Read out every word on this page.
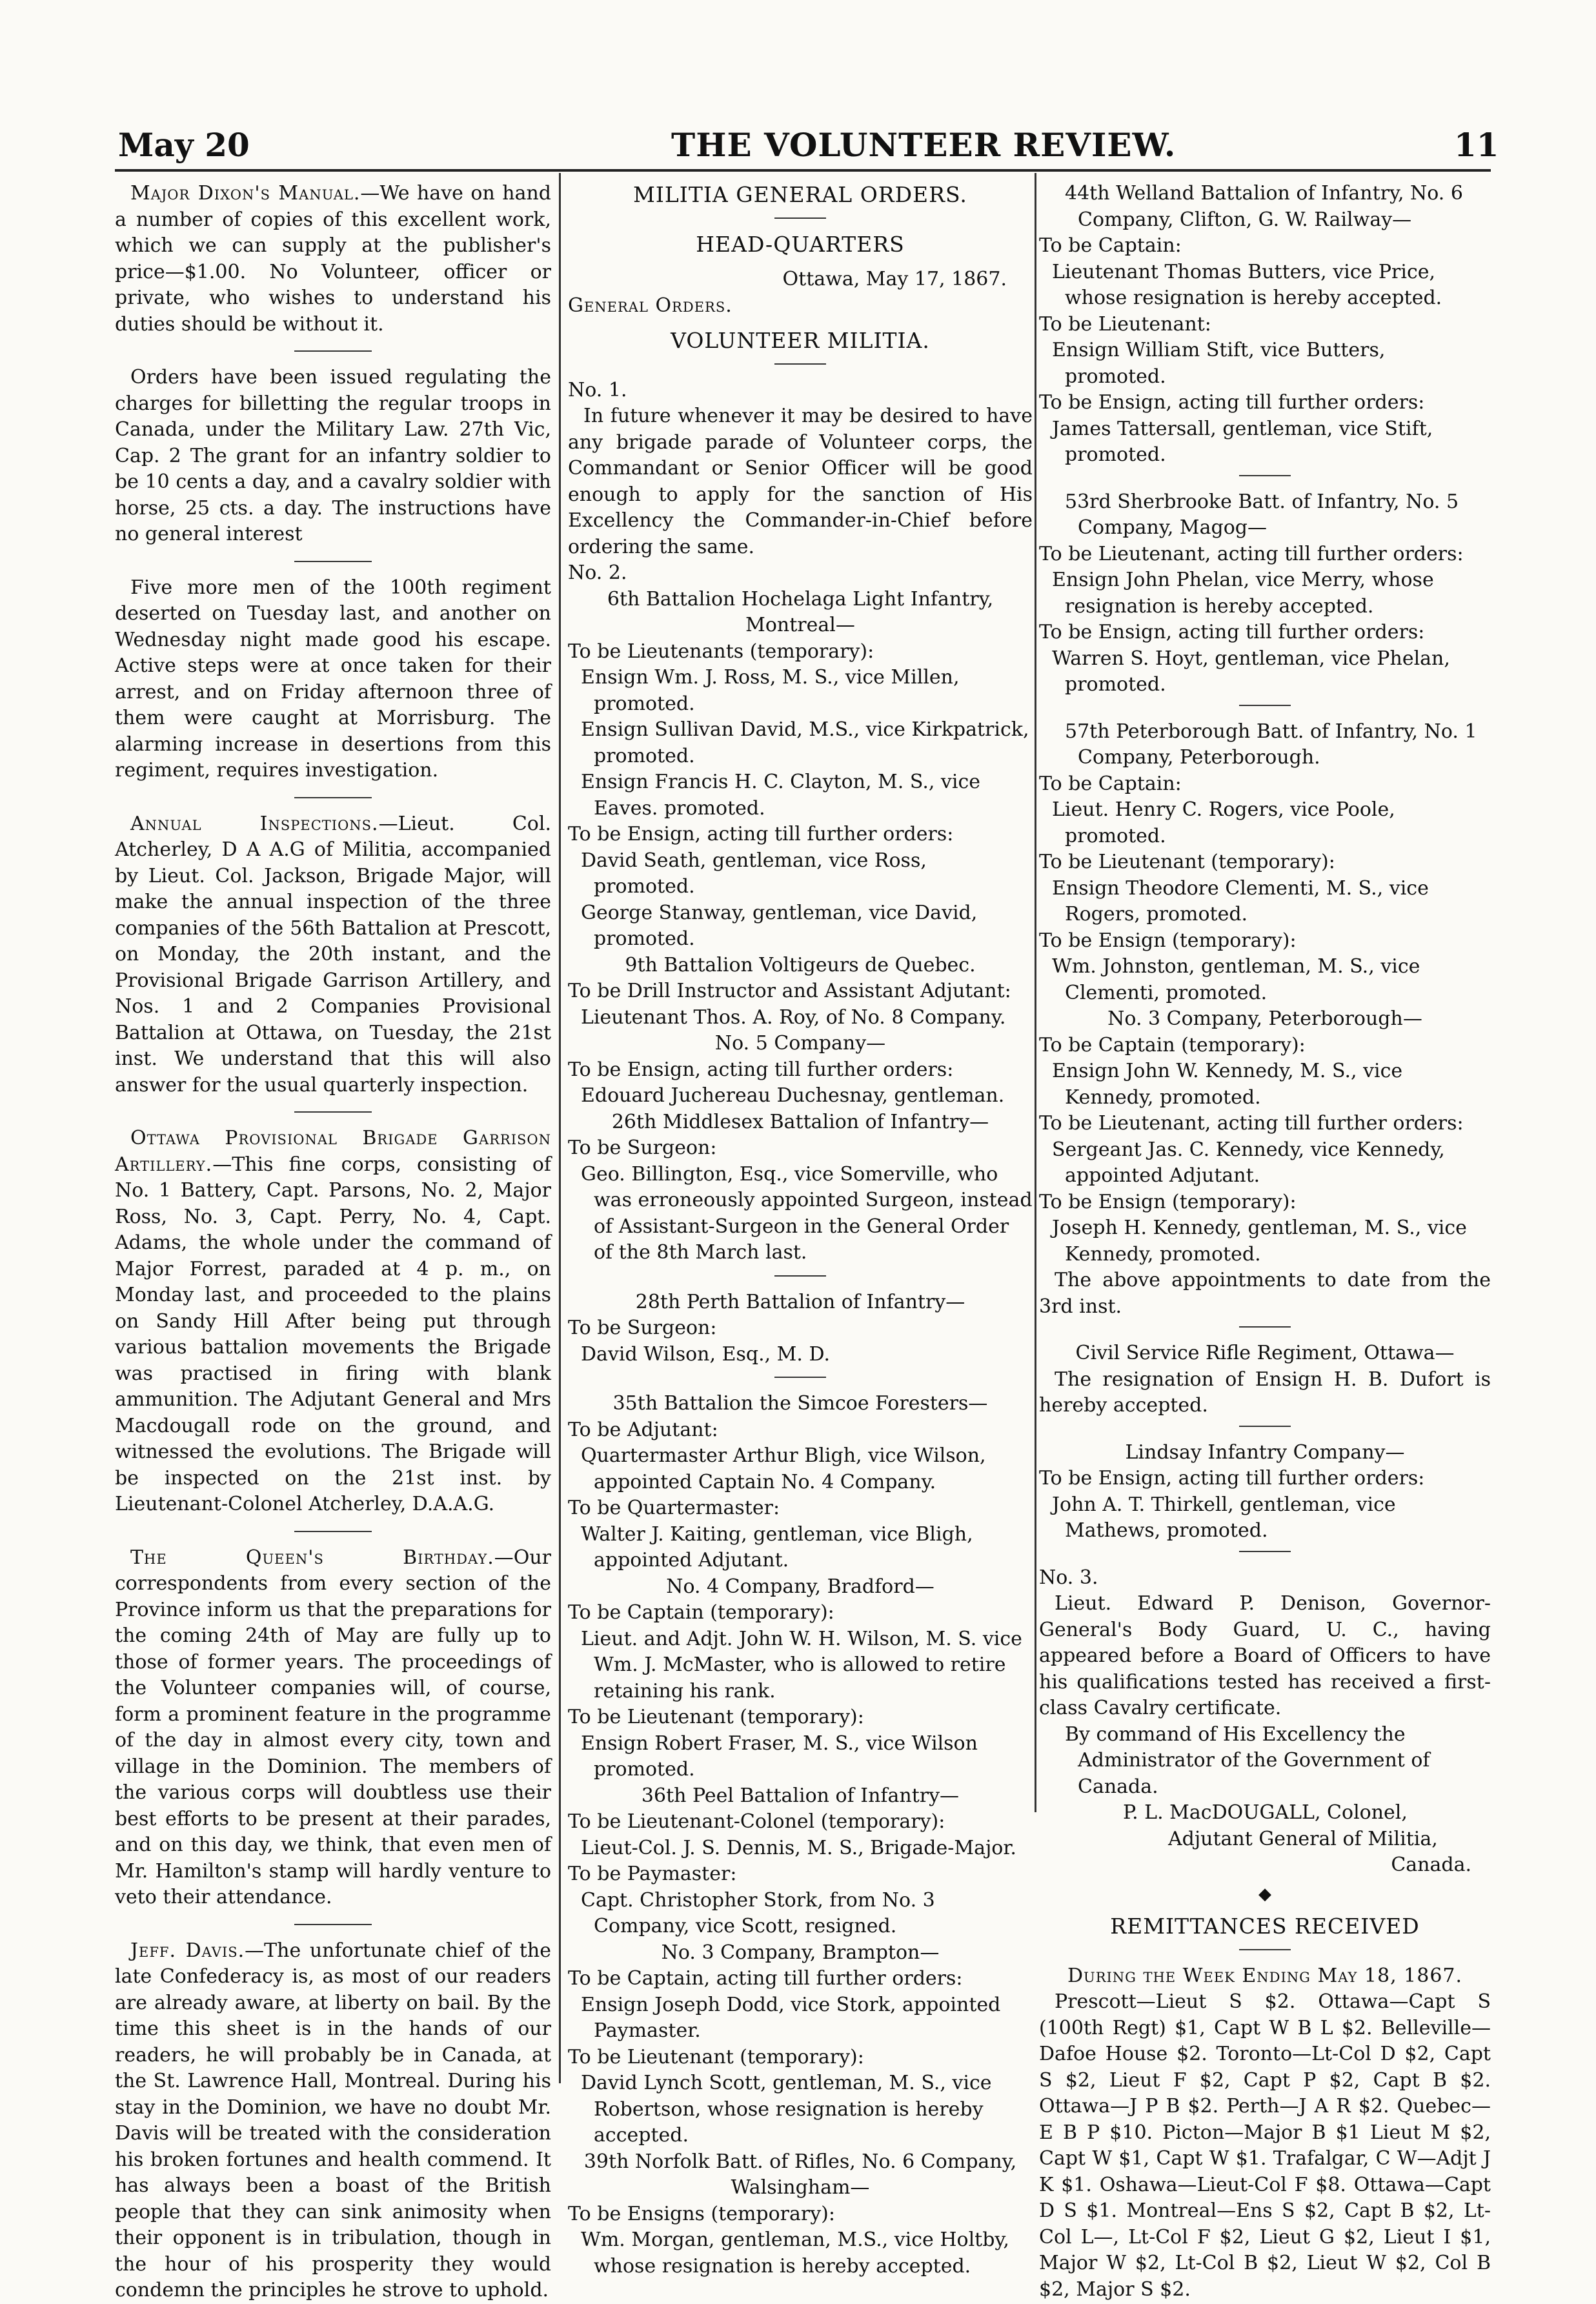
May 20	THE VOLUNTEER REVIEW.	11

Major Dixon's Manual.—We have on hand a number of copies of this excellent work, which we can supply at the publisher's price—$1.00. No Volunteer, officer or private, who wishes to understand his duties should be without it.

Orders have been issued regulating the charges for billetting the regular troops in Canada, under the Military Law. 27th Vic, Cap. 2 The grant for an infantry soldier to be 10 cents a day, and a cavalry soldier with horse, 25 cts. a day. The instructions have no general interest

Five more men of the 100th regiment deserted on Tuesday last, and another on Wednesday night made good his escape. Active steps were at once taken for their arrest, and on Friday afternoon three of them were caught at Morrisburg. The alarming increase in desertions from this regiment, requires investigation.

Annual Inspections.—Lieut. Col. Atcherley, D A A.G of Militia, accompanied by Lieut. Col. Jackson, Brigade Major, will make the annual inspection of the three companies of the 56th Battalion at Prescott, on Monday, the 20th instant, and the Provisional Brigade Garrison Artillery, and Nos. 1 and 2 Companies Provisional Battalion at Ottawa, on Tuesday, the 21st inst. We understand that this will also answer for the usual quarterly inspection.

Ottawa Provisional Brigade Garrison Artillery.—This fine corps, consisting of No. 1 Battery, Capt. Parsons, No. 2, Major Ross, No. 3, Capt. Perry, No. 4, Capt. Adams, the whole under the command of Major Forrest, paraded at 4 p. m., on Monday last, and proceeded to the plains on Sandy Hill After being put through various battalion movements the Brigade was practised in firing with blank ammunition. The Adjutant General and Mrs Macdougall rode on the ground, and witnessed the evolutions. The Brigade will be inspected on the 21st inst. by Lieutenant-Colonel Atcherley, D.A.A.G.

The Queen's Birthday.—Our correspondents from every section of the Province inform us that the preparations for the coming 24th of May are fully up to those of former years. The proceedings of the Volunteer companies will, of course, form a prominent feature in the programme of the day in almost every city, town and village in the Dominion. The members of the various corps will doubtless use their best efforts to be present at their parades, and on this day, we think, that even men of Mr. Hamilton's stamp will hardly venture to veto their attendance.

Jeff. Davis.—The unfortunate chief of the late Confederacy is, as most of our readers are already aware, at liberty on bail. By the time this sheet is in the hands of our readers, he will probably be in Canada, at the St. Lawrence Hall, Montreal. During his stay in the Dominion, we have no doubt Mr. Davis will be treated with the consideration his broken fortunes and health commend. It has always been a boast of the British people that they can sink animosity when their opponent is in tribulation, though in the hour of his prosperity they would condemn the principles he strove to uphold.

MILITIA GENERAL ORDERS.

HEAD-QUARTERS

Ottawa, May 17, 1867.

General Orders.

VOLUNTEER MILITIA.

No. 1.

In future whenever it may be desired to have any brigade parade of Volunteer corps, the Commandant or Senior Officer will be good enough to apply for the sanction of His Excellency the Commander-in-Chief before ordering the same.

No. 2.

6th Battalion Hochelaga Light Infantry,

Montreal—

To be Lieutenants (temporary):

Ensign Wm. J. Ross, M. S., vice Millen, promoted.

Ensign Sullivan David, M.S., vice Kirkpatrick, promoted.

Ensign Francis H. C. Clayton, M. S., vice Eaves. promoted.

To be Ensign, acting till further orders:

David Seath, gentleman, vice Ross, promoted.

George Stanway, gentleman, vice David, promoted.

9th Battalion Voltigeurs de Quebec.

To be Drill Instructor and Assistant Adjutant:

Lieutenant Thos. A. Roy, of No. 8 Company.

No. 5 Company—

To be Ensign, acting till further orders:

Edouard Juchereau Duchesnay, gentleman.

26th Middlesex Battalion of Infantry—

To be Surgeon:

Geo. Billington, Esq., vice Somerville, who was erroneously appointed Surgeon, instead of Assistant-Surgeon in the General Order of the 8th March last.

28th Perth Battalion of Infantry—

To be Surgeon:

David Wilson, Esq., M. D.

35th Battalion the Simcoe Foresters—

To be Adjutant:

Quartermaster Arthur Bligh, vice Wilson, appointed Captain No. 4 Company.

To be Quartermaster:

Walter J. Kaiting, gentleman, vice Bligh, appointed Adjutant.

No. 4 Company, Bradford—

To be Captain (temporary):

Lieut. and Adjt. John W. H. Wilson, M. S. vice Wm. J. McMaster, who is allowed to retire retaining his rank.

To be Lieutenant (temporary):

Ensign Robert Fraser, M. S., vice Wilson promoted.

36th Peel Battalion of Infantry—

To be Lieutenant-Colonel (temporary):

Lieut-Col. J. S. Dennis, M. S., Brigade-Major.

To be Paymaster:

Capt. Christopher Stork, from No. 3 Company, vice Scott, resigned.

No. 3 Company, Brampton—

To be Captain, acting till further orders:

Ensign Joseph Dodd, vice Stork, appointed Paymaster.

To be Lieutenant (temporary):

David Lynch Scott, gentleman, M. S., vice Robertson, whose resignation is hereby accepted.

39th Norfolk Batt. of Rifles, No. 6 Company, Walsingham—

To be Ensigns (temporary):

Wm. Morgan, gentleman, M.S., vice Holtby, whose resignation is hereby accepted.

44th Welland Battalion of Infantry, No. 6 Company, Clifton, G. W. Railway—

To be Captain:

Lieutenant Thomas Butters, vice Price, whose resignation is hereby accepted.

To be Lieutenant:

Ensign William Stift, vice Butters, promoted.

To be Ensign, acting till further orders:

James Tattersall, gentleman, vice Stift, promoted.

53rd Sherbrooke Batt. of Infantry, No. 5 Company, Magog—

To be Lieutenant, acting till further orders:

Ensign John Phelan, vice Merry, whose resignation is hereby accepted.

To be Ensign, acting till further orders:

Warren S. Hoyt, gentleman, vice Phelan, promoted.

57th Peterborough Batt. of Infantry, No. 1 Company, Peterborough.

To be Captain:

Lieut. Henry C. Rogers, vice Poole, promoted.

To be Lieutenant (temporary):

Ensign Theodore Clementi, M. S., vice Rogers, promoted.

To be Ensign (temporary):

Wm. Johnston, gentleman, M. S., vice Clementi, promoted.

No. 3 Company, Peterborough—

To be Captain (temporary):

Ensign John W. Kennedy, M. S., vice Kennedy, promoted.

To be Lieutenant, acting till further orders:

Sergeant Jas. C. Kennedy, vice Kennedy, appointed Adjutant.

To be Ensign (temporary):

Joseph H. Kennedy, gentleman, M. S., vice Kennedy, promoted.

The above appointments to date from the 3rd inst.

Civil Service Rifle Regiment, Ottawa—

The resignation of Ensign H. B. Dufort is hereby accepted.

Lindsay Infantry Company—

To be Ensign, acting till further orders:

John A. T. Thirkell, gentleman, vice Mathews, promoted.

No. 3.

Lieut. Edward P. Denison, Governor-General's Body Guard, U. C., having appeared before a Board of Officers to have his qualifications tested has received a first-class Cavalry certificate.

By command of His Excellency the Administrator of the Government of Canada.

P. L. MacDOUGALL, Colonel,

Adjutant General of Militia,

Canada.

◆

REMITTANCES RECEIVED

During the Week Ending May 18, 1867.

Prescott—Lieut S $2. Ottawa—Capt S (100th Regt) $1, Capt W B L $2. Belleville—Dafoe House $2. Toronto—Lt-Col D $2, Capt S $2, Lieut F $2, Capt P $2, Capt B $2. Ottawa—J P B $2. Perth—J A R $2. Quebec—E B P $10. Picton—Major B $1 Lieut M $2, Capt W $1, Capt W $1. Trafalgar, C W—Adjt J K $1. Oshawa—Lieut-Col F $8. Ottawa—Capt D S $1. Montreal—Ens S $2, Capt B $2, Lt-Col L—, Lt-Col F $2, Lieut G $2, Lieut I $1, Major W $2, Lt-Col B $2, Lieut W $2, Col B $2, Major S $2.
